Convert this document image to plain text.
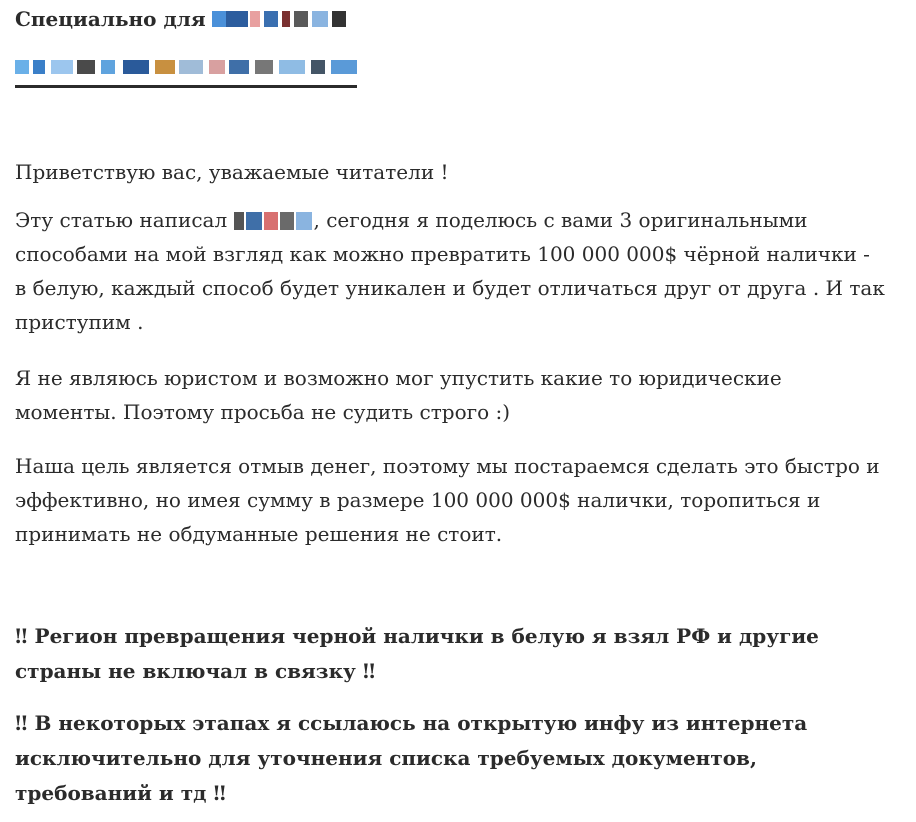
Специально для

Приветствую вас, уважаемые читатели !

Эту статью написал	, сегодня я поделюсь с вами 3 оригинальными способами на мой взгляд как можно превратить 100 000 000$ чёрной налички - в белую, каждый способ будет уникален и будет отличаться друг от друга . И так приступим .

Я не являюсь юристом и возможно мог упустить какие то юридические моменты. Поэтому просьба не судить строго :)

Наша цель является отмыв денег, поэтому мы постараемся сделать это быстро и эффективно, но имея сумму в размере 100 000 000$ налички, торопиться и принимать не обдуманные решения не стоит.

‼ Регион превращения черной налички в белую я взял РФ и другие страны не включал в связку ‼

‼ В некоторых этапах я ссылаюсь на открытую инфу из интернета исключительно для уточнения списка требуемых документов, требований и тд ‼
